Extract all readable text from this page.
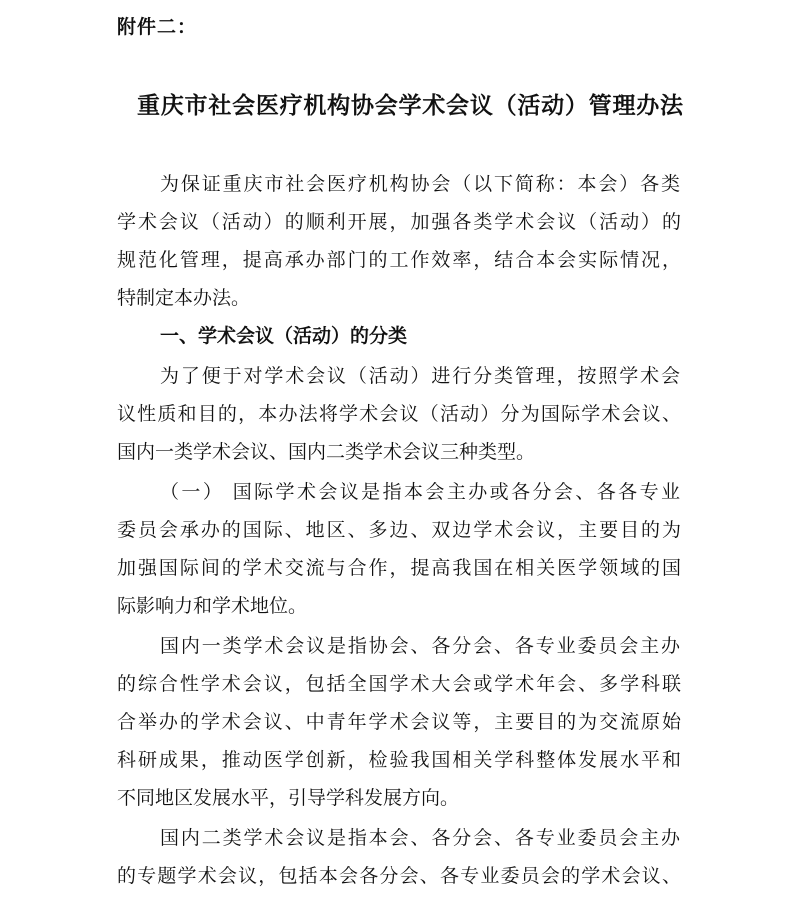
附件二：
重庆市社会医疗机构协会学术会议（活动）管理办法
为保证重庆市社会医疗机构协会（以下简称：本会）各类
学术会议（活动）的顺利开展，加强各类学术会议（活动）的
规范化管理，提高承办部门的工作效率，结合本会实际情况，
特制定本办法。
一、学术会议（活动）的分类
为了便于对学术会议（活动）进行分类管理，按照学术会
议性质和目的，本办法将学术会议（活动）分为国际学术会议、
国内一类学术会议、国内二类学术会议三种类型。
（一） 国际学术会议是指本会主办或各分会、各各专业
委员会承办的国际、地区、多边、双边学术会议，主要目的为
加强国际间的学术交流与合作，提高我国在相关医学领域的国
际影响力和学术地位。
国内一类学术会议是指协会、各分会、各专业委员会主办
的综合性学术会议，包括全国学术大会或学术年会、多学科联
合举办的学术会议、中青年学术会议等，主要目的为交流原始
科研成果，推动医学创新，检验我国相关学科整体发展水平和
不同地区发展水平，引导学科发展方向。
国内二类学术会议是指本会、各分会、各专业委员会主办
的专题学术会议，包括本会各分会、各专业委员会的学术会议、
